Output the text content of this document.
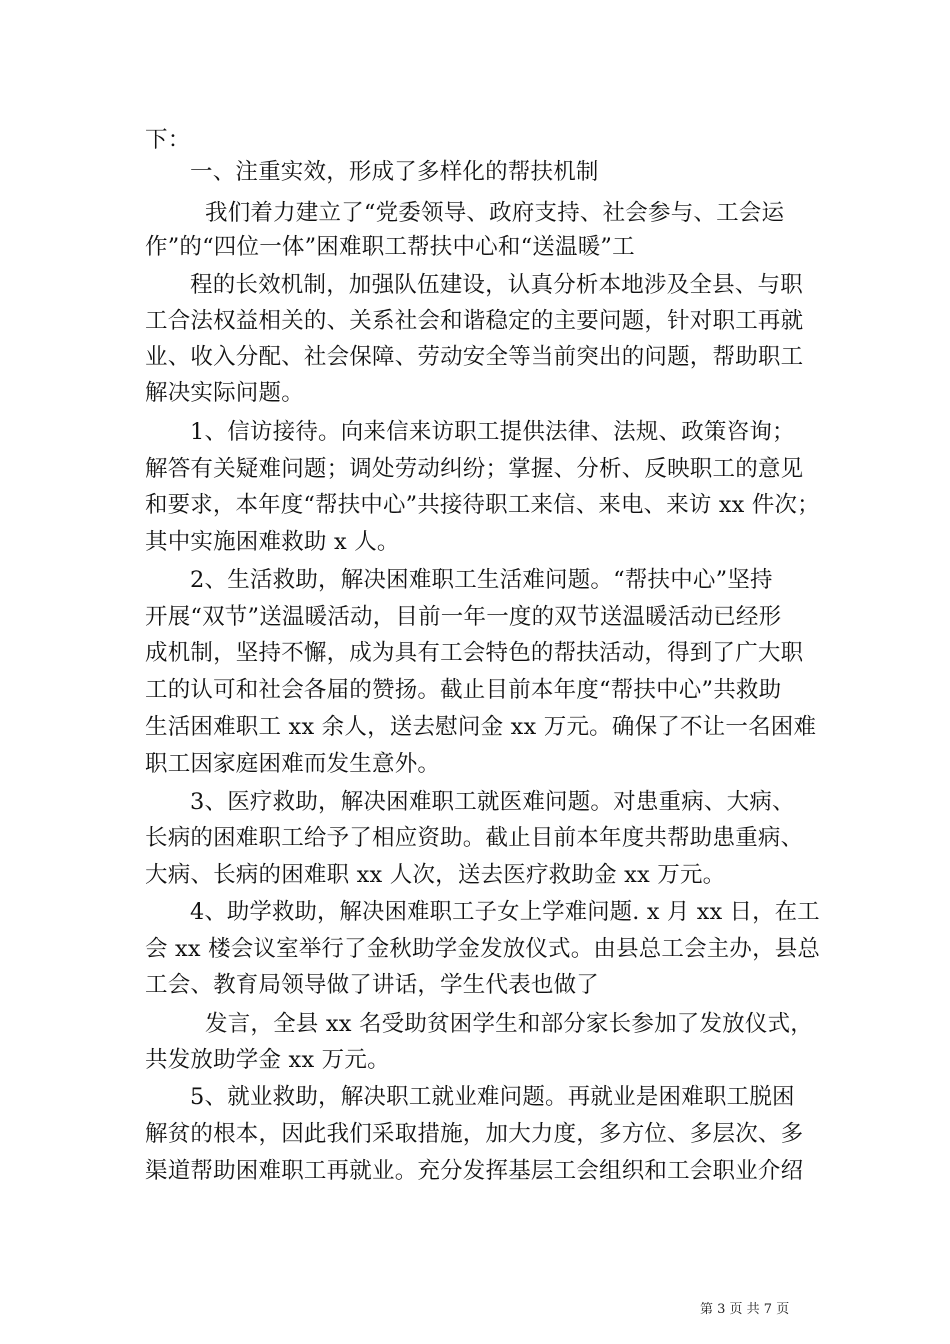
下：
一、注重实效，形成了多样化的帮扶机制
我们着力建立了“党委领导、政府支持、社会参与、工会运
作”的“四位一体”困难职工帮扶中心和“送温暖”工
程的长效机制，加强队伍建设，认真分析本地涉及全县、与职
工合法权益相关的、关系社会和谐稳定的主要问题，针对职工再就
业、收入分配、社会保障、劳动安全等当前突出的问题，帮助职工
解决实际问题。
1、信访接待。向来信来访职工提供法律、法规、政策咨询；
解答有关疑难问题；调处劳动纠纷；掌握、分析、反映职工的意见
和要求，本年度“帮扶中心”共接待职工来信、来电、来访 xx 件次；
其中实施困难救助 x 人。
2、生活救助，解决困难职工生活难问题。“帮扶中心”坚持
开展“双节”送温暖活动，目前一年一度的双节送温暖活动已经形
成机制，坚持不懈，成为具有工会特色的帮扶活动，得到了广大职
工的认可和社会各届的赞扬。截止目前本年度“帮扶中心”共救助
生活困难职工 xx 余人，送去慰问金 xx 万元。确保了不让一名困难
职工因家庭困难而发生意外。
3、医疗救助，解决困难职工就医难问题。对患重病、大病、
长病的困难职工给予了相应资助。截止目前本年度共帮助患重病、
大病、长病的困难职 xx 人次，送去医疗救助金 xx 万元。
4、助学救助，解决困难职工子女上学难问题. x 月 xx 日，在工
会 xx 楼会议室举行了金秋助学金发放仪式。由县总工会主办，县总
工会、教育局领导做了讲话，学生代表也做了
发言，全县 xx 名受助贫困学生和部分家长参加了发放仪式，
共发放助学金 xx 万元。
5、就业救助，解决职工就业难问题。再就业是困难职工脱困
解贫的根本，因此我们采取措施，加大力度，多方位、多层次、多
渠道帮助困难职工再就业。充分发挥基层工会组织和工会职业介绍
第 3 页 共 7 页
